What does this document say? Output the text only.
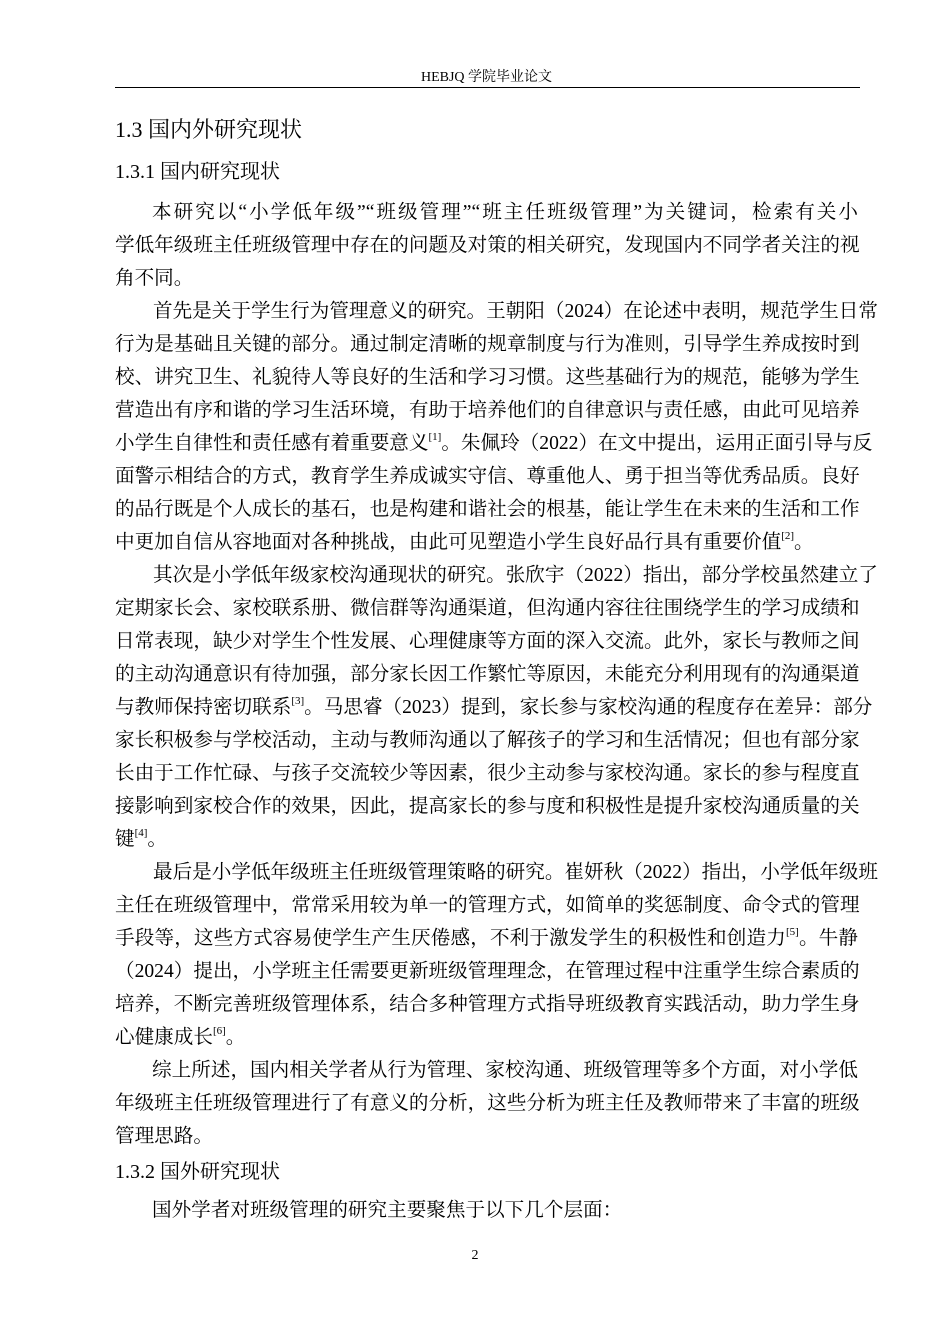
HEBJQ 学院毕业论文
1.3 国内外研究现状
1.3.1 国内研究现状
本研究以“小学低年级”“班级管理”“班主任班级管理”为关键词，检索有关小
学低年级班主任班级管理中存在的问题及对策的相关研究，发现国内不同学者关注的视
角不同。
首先是关于学生行为管理意义的研究。王朝阳（2024）在论述中表明，规范学生日常
行为是基础且关键的部分。通过制定清晰的规章制度与行为准则，引导学生养成按时到
校、讲究卫生、礼貌待人等良好的生活和学习习惯。这些基础行为的规范，能够为学生
营造出有序和谐的学习生活环境，有助于培养他们的自律意识与责任感，由此可见培养
小学生自律性和责任感有着重要意义[1]。朱佩玲（2022）在文中提出，运用正面引导与反
面警示相结合的方式，教育学生养成诚实守信、尊重他人、勇于担当等优秀品质。良好
的品行既是个人成长的基石，也是构建和谐社会的根基，能让学生在未来的生活和工作
中更加自信从容地面对各种挑战，由此可见塑造小学生良好品行具有重要价值[2]。
其次是小学低年级家校沟通现状的研究。张欣宇（2022）指出，部分学校虽然建立了
定期家长会、家校联系册、微信群等沟通渠道，但沟通内容往往围绕学生的学习成绩和
日常表现，缺少对学生个性发展、心理健康等方面的深入交流。此外，家长与教师之间
的主动沟通意识有待加强，部分家长因工作繁忙等原因，未能充分利用现有的沟通渠道
与教师保持密切联系[3]。马思睿（2023）提到，家长参与家校沟通的程度存在差异：部分
家长积极参与学校活动，主动与教师沟通以了解孩子的学习和生活情况；但也有部分家
长由于工作忙碌、与孩子交流较少等因素，很少主动参与家校沟通。家长的参与程度直
接影响到家校合作的效果，因此，提高家长的参与度和积极性是提升家校沟通质量的关
键[4]。
最后是小学低年级班主任班级管理策略的研究。崔妍秋（2022）指出，小学低年级班
主任在班级管理中，常常采用较为单一的管理方式，如简单的奖惩制度、命令式的管理
手段等，这些方式容易使学生产生厌倦感，不利于激发学生的积极性和创造力[5]。牛静
（2024）提出，小学班主任需要更新班级管理理念，在管理过程中注重学生综合素质的
培养，不断完善班级管理体系，结合多种管理方式指导班级教育实践活动，助力学生身
心健康成长[6]。
综上所述，国内相关学者从行为管理、家校沟通、班级管理等多个方面，对小学低
年级班主任班级管理进行了有意义的分析，这些分析为班主任及教师带来了丰富的班级
管理思路。
1.3.2 国外研究现状
国外学者对班级管理的研究主要聚焦于以下几个层面：
2
